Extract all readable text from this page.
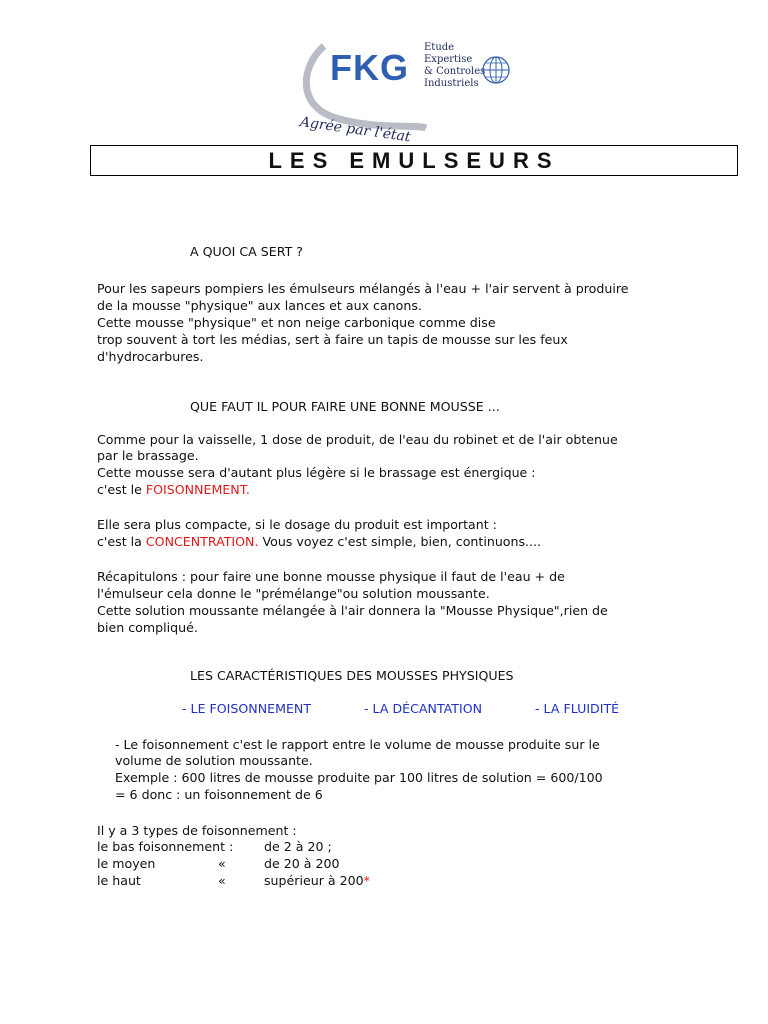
FKG Etude
Expertise
& Controles
Industriels
Agrée par l'état
LES EMULSEURS
A QUOI CA SERT ?
Pour les sapeurs pompiers les émulseurs mélangés à l'eau + l'air servent à produire
de la mousse "physique" aux lances et aux canons.
Cette mousse "physique" et non neige carbonique comme dise
trop souvent à tort les médias, sert à faire un tapis de mousse sur les feux
d'hydrocarbures.
QUE FAUT IL POUR FAIRE UNE BONNE MOUSSE ...
Comme pour la vaisselle, 1 dose de produit, de l'eau du robinet et de l'air obtenue
par le brassage.
Cette mousse sera d'autant plus légère si le brassage est énergique :
c'est le FOISONNEMENT.
Elle sera plus compacte, si le dosage du produit est important :
c'est la CONCENTRATION. Vous voyez c'est simple, bien, continuons....
Récapitulons : pour faire une bonne mousse physique il faut de l'eau + de
l'émulseur cela donne le "prémélange"ou solution moussante.
Cette solution moussante mélangée à l'air donnera la "Mousse Physique",rien de
bien compliqué.
LES CARACTÉRISTIQUES DES MOUSSES PHYSIQUES
- LE FOISONNEMENT	- LA DÉCANTATION	- LA FLUIDITÉ
- Le foisonnement c'est le rapport entre le volume de mousse produite sur le
volume de solution moussante.
Exemple : 600 litres de mousse produite par 100 litres de solution = 600/100
= 6 donc : un foisonnement de 6
Il y a 3 types de foisonnement :
le bas foisonnement : de 2 à 20 ;
le moyen	«	de 20 à 200
le haut	«	supérieur à 200*
